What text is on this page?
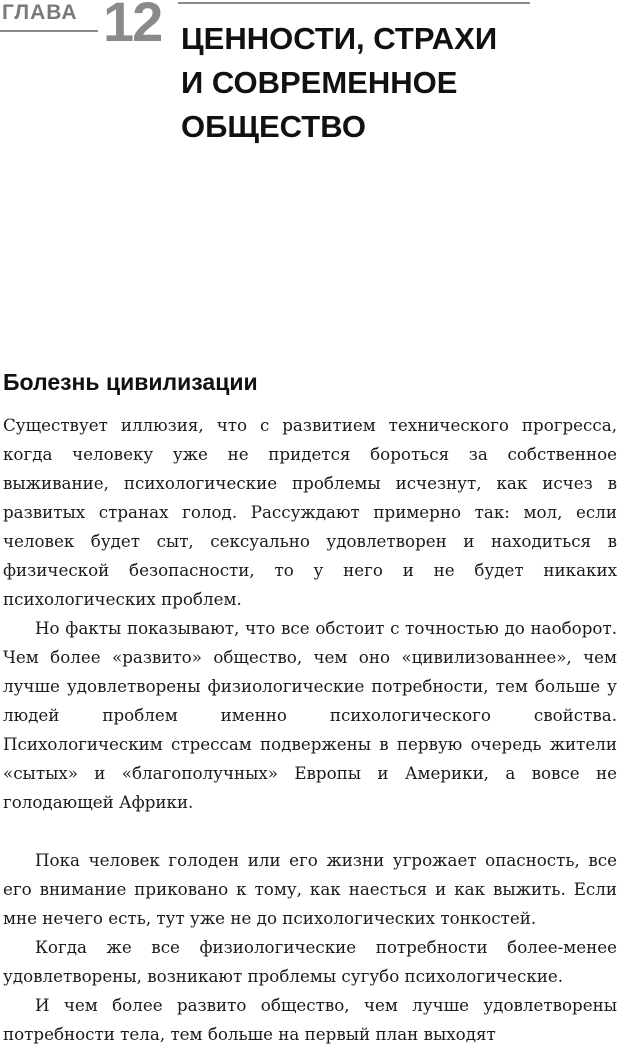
ГЛАВА 12 ЦЕННОСТИ, СТРАХИ
И СОВРЕМЕННОЕ
ОБЩЕСТВО
Болезнь цивилизации

Существует иллюзия, что с развитием технического прогресса, когда человеку уже не придется бороться за собственное выживание, психологические проблемы исчезнут, как исчез в развитых странах голод. Рассуждают примерно так: мол, если человек будет сыт, сексуально удовлетворен и находиться в физической безопасности, то у него и не будет никаких психологических проблем.

Но факты показывают, что все обстоит с точностью до наоборот. Чем более «развито» общество, чем оно «цивилизованнее», чем лучше удовлетворены физиологические потребности, тем больше у людей проблем именно психологического свойства. Психологическим стрессам подвержены в первую очередь жители «сытых» и «благополучных» Европы и Америки, а вовсе не голодающей Африки.

Пока человек голоден или его жизни угрожает опасность, все его внимание приковано к тому, как наесться и как выжить. Если мне нечего есть, тут уже не до психологических тонкостей.

Когда же все физиологические потребности более-менее удовлетворены, возникают проблемы сугубо психологические.

И чем более развито общество, чем лучше удовлетворены потребности тела, тем больше на первый план выходят
